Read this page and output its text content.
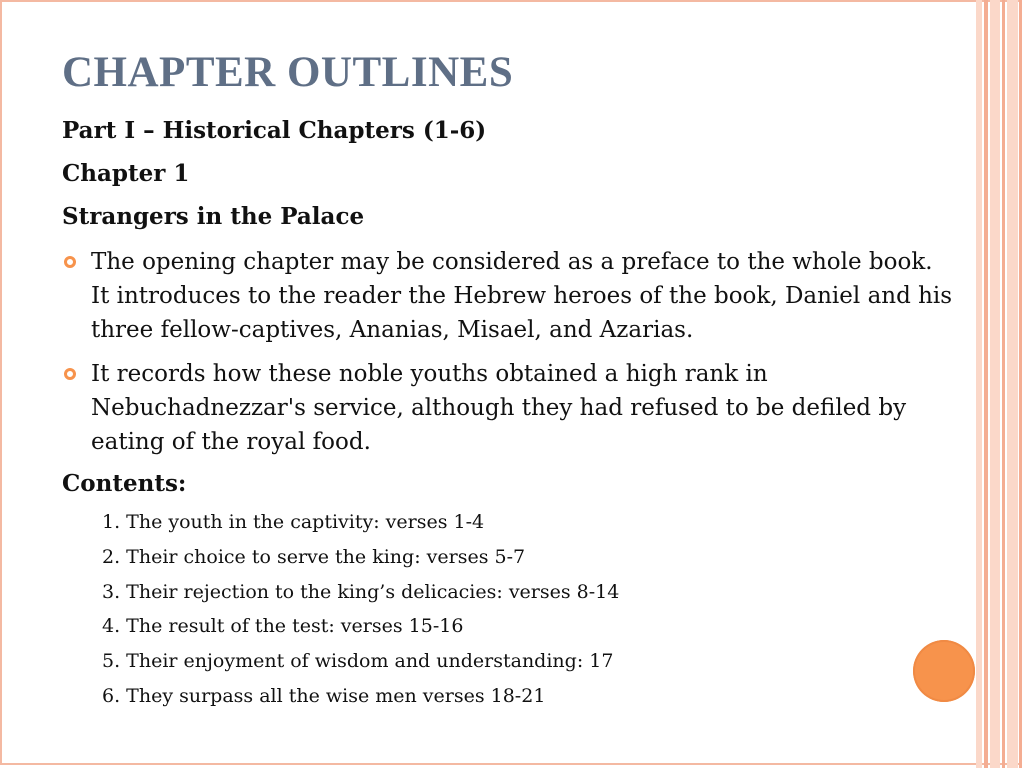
CHAPTER OUTLINES

Part I – Historical Chapters (1-6)

Chapter 1

Strangers in the Palace

The opening chapter may be considered as a preface to the whole book. It introduces to the reader the Hebrew heroes of the book, Daniel and his three fellow-captives, Ananias, Misael, and Azarias.
It records how these noble youths obtained a high rank in Nebuchadnezzar's service, although they had refused to be defiled by eating of the royal food.

Contents:

1. The youth in the captivity: verses 1-4
2. Their choice to serve the king: verses 5-7
3. Their rejection to the king’s delicacies: verses 8-14
4. The result of the test: verses 15-16
5. Their enjoyment of wisdom and understanding: 17
6. They surpass all the wise men verses 18-21
